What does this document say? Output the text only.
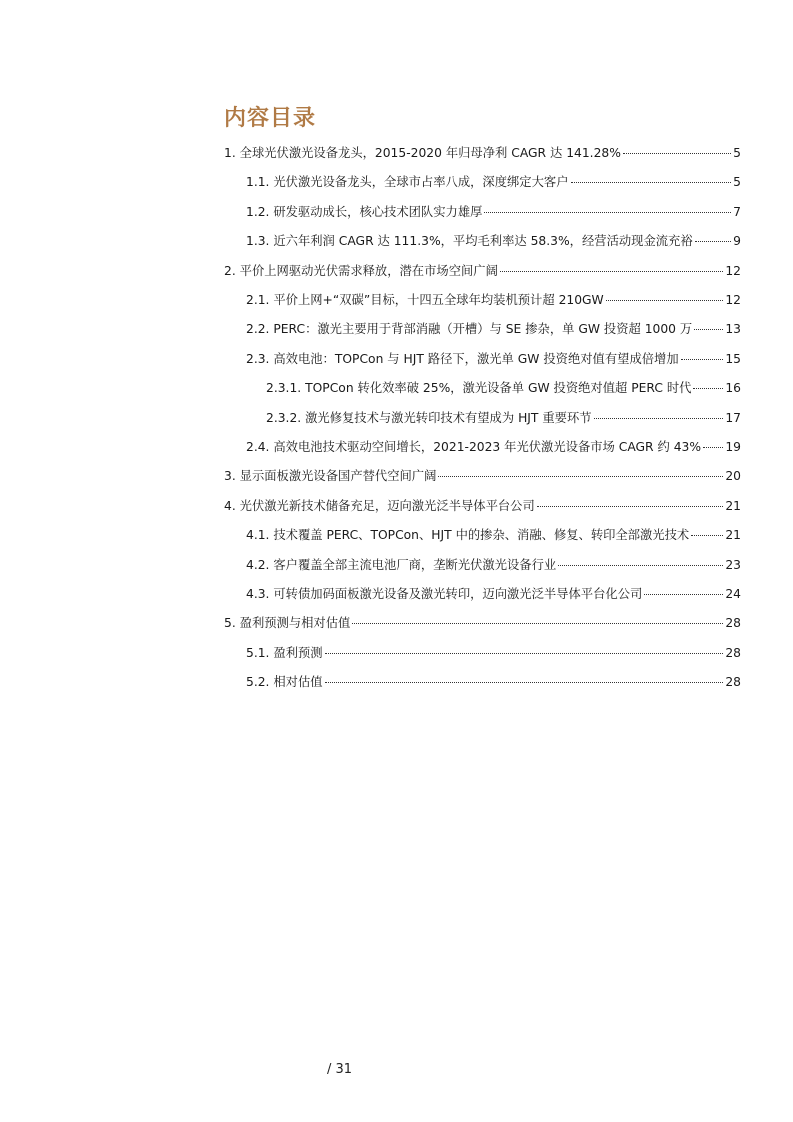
内容目录
1. 全球光伏激光设备龙头，2015-2020 年归母净利 CAGR 达 141.28%	5
1.1. 光伏激光设备龙头，全球市占率八成，深度绑定大客户	5
1.2. 研发驱动成长，核心技术团队实力雄厚	7
1.3. 近六年利润 CAGR 达 111.3%，平均毛利率达 58.3%，经营活动现金流充裕	9
2. 平价上网驱动光伏需求释放，潜在市场空间广阔	12
2.1. 平价上网+“双碳”目标，十四五全球年均装机预计超 210GW	12
2.2. PERC：激光主要用于背部消融（开槽）与 SE 掺杂，单 GW 投资超 1000 万	13
2.3. 高效电池：TOPCon 与 HJT 路径下，激光单 GW 投资绝对值有望成倍增加	15
2.3.1. TOPCon 转化效率破 25%，激光设备单 GW 投资绝对值超 PERC 时代	16
2.3.2. 激光修复技术与激光转印技术有望成为 HJT 重要环节	17
2.4. 高效电池技术驱动空间增长，2021-2023 年光伏激光设备市场 CAGR 约 43% 19
3. 显示面板激光设备国产替代空间广阔	20
4. 光伏激光新技术储备充足，迈向激光泛半导体平台公司	21
4.1. 技术覆盖 PERC、TOPCon、HJT 中的掺杂、消融、修复、转印全部激光技术	21
4.2. 客户覆盖全部主流电池厂商，垄断光伏激光设备行业	23
4.3. 可转债加码面板激光设备及激光转印，迈向激光泛半导体平台化公司	24
5. 盈利预测与相对估值	28
5.1. 盈利预测	28
5.2. 相对估值	28
/ 31
